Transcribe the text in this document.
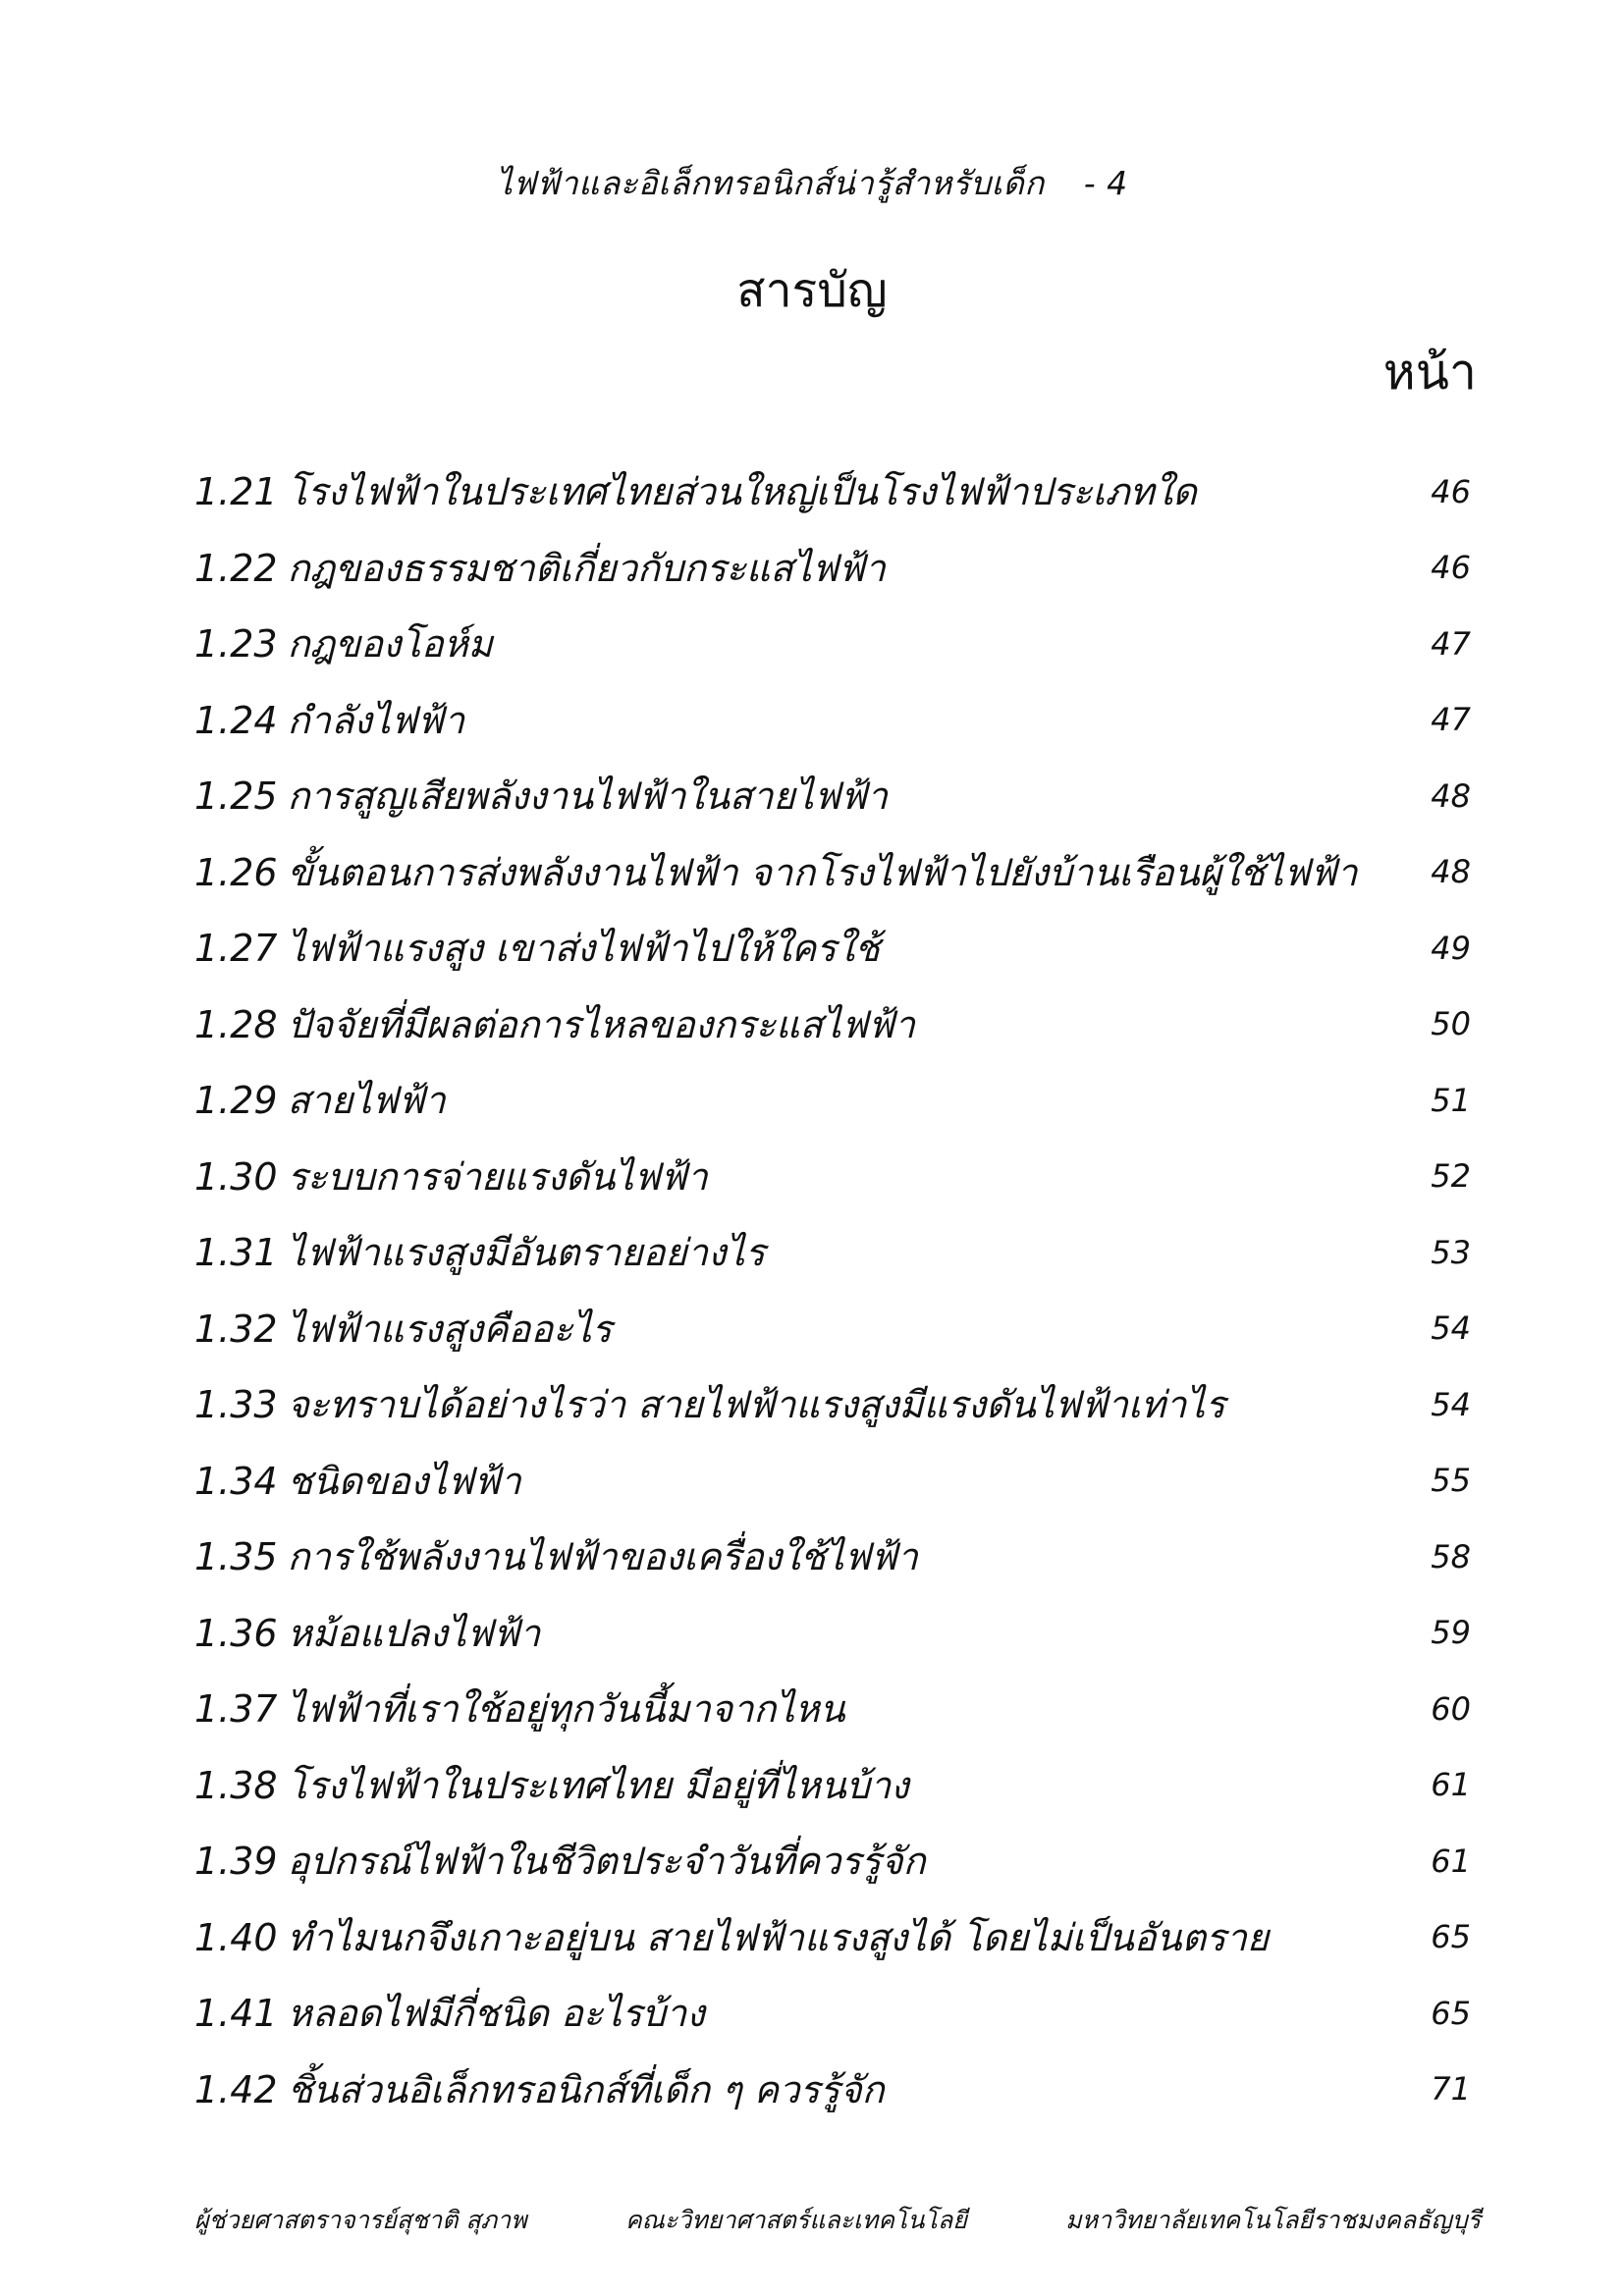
ไฟฟ้าและอิเล็กทรอนิกส์น่ารู้สำหรับเด็ก - 4
สารบัญ
หน้า
1.21 โรงไฟฟ้าในประเทศไทยส่วนใหญ่เป็นโรงไฟฟ้าประเภทใด	46
1.22 กฎของธรรมชาติเกี่ยวกับกระแสไฟฟ้า	46
1.23 กฎของโอห์ม	47
1.24 กำลังไฟฟ้า	47
1.25 การสูญเสียพลังงานไฟฟ้าในสายไฟฟ้า	48
1.26 ขั้นตอนการส่งพลังงานไฟฟ้า จากโรงไฟฟ้าไปยังบ้านเรือนผู้ใช้ไฟฟ้า	48
1.27 ไฟฟ้าแรงสูง เขาส่งไฟฟ้าไปให้ใครใช้	49
1.28 ปัจจัยที่มีผลต่อการไหลของกระแสไฟฟ้า	50
1.29 สายไฟฟ้า	51
1.30 ระบบการจ่ายแรงดันไฟฟ้า	52
1.31 ไฟฟ้าแรงสูงมีอันตรายอย่างไร	53
1.32 ไฟฟ้าแรงสูงคืออะไร	54
1.33 จะทราบได้อย่างไรว่า สายไฟฟ้าแรงสูงมีแรงดันไฟฟ้าเท่าไร	54
1.34 ชนิดของไฟฟ้า	55
1.35 การใช้พลังงานไฟฟ้าของเครื่องใช้ไฟฟ้า	58
1.36 หม้อแปลงไฟฟ้า	59
1.37 ไฟฟ้าที่เราใช้อยู่ทุกวันนี้มาจากไหน	60
1.38 โรงไฟฟ้าในประเทศไทย มีอยู่ที่ไหนบ้าง	61
1.39 อุปกรณ์ไฟฟ้าในชีวิตประจำวันที่ควรรู้จัก	61
1.40 ทำไมนกจึงเกาะอยู่บน สายไฟฟ้าแรงสูงได้ โดยไม่เป็นอันตราย	65
1.41 หลอดไฟมีกี่ชนิด อะไรบ้าง	65
1.42 ชิ้นส่วนอิเล็กทรอนิกส์ที่เด็ก ๆ ควรรู้จัก	71
ผู้ช่วยศาสตราจารย์สุชาติ สุภาพ	คณะวิทยาศาสตร์และเทคโนโลยี	มหาวิทยาลัยเทคโนโลยีราชมงคลธัญบุรี
